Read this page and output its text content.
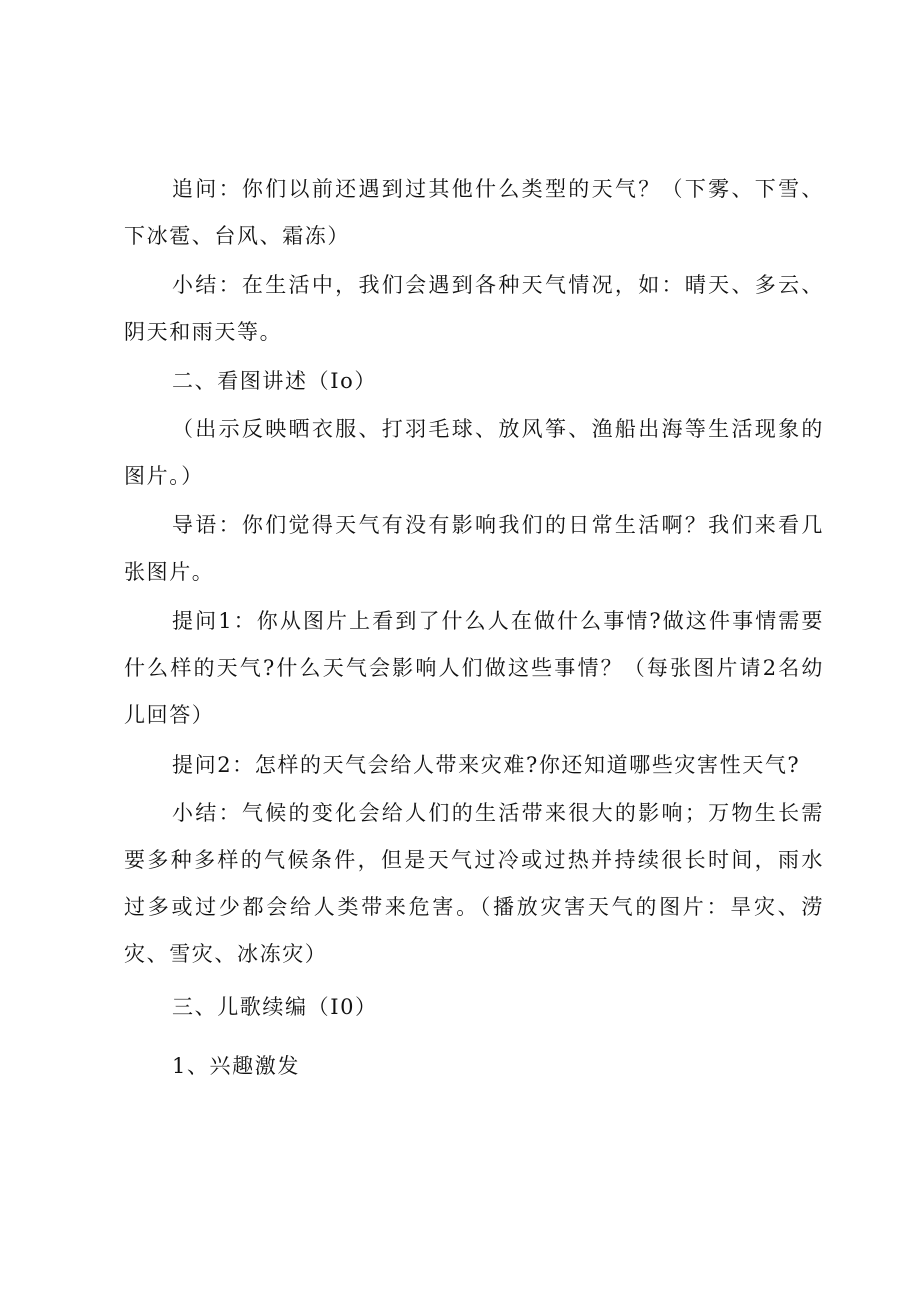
追问：你们以前还遇到过其他什么类型的天气？（下雾、下雪、下冰雹、台风、霜冻）

小结：在生活中，我们会遇到各种天气情况，如：晴天、多云、阴天和雨天等。

二、看图讲述（Io）

（出示反映晒衣服、打羽毛球、放风筝、渔船出海等生活现象的图片。）

导语：你们觉得天气有没有影响我们的日常生活啊？我们来看几张图片。

提问1：你从图片上看到了什么人在做什么事情?做这件事情需要什么样的天气?什么天气会影响人们做这些事情？（每张图片请2名幼儿回答）

提问2：怎样的天气会给人带来灾难?你还知道哪些灾害性天气?

小结：气候的变化会给人们的生活带来很大的影响；万物生长需要多种多样的气候条件，但是天气过冷或过热并持续很长时间，雨水过多或过少都会给人类带来危害。（播放灾害天气的图片：旱灾、涝灾、雪灾、冰冻灾）

三、儿歌续编（I0）

1、兴趣激发
